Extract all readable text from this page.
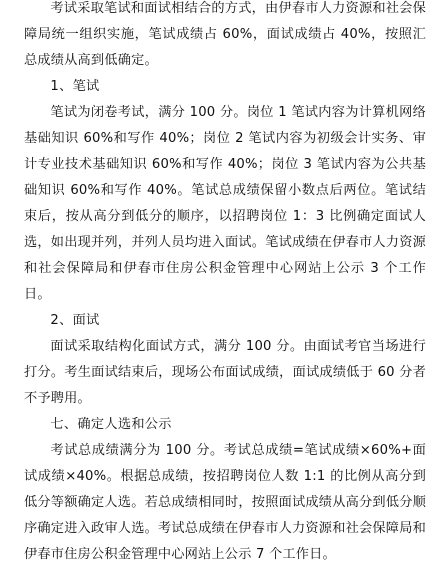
考试采取笔试和面试相结合的方式，由伊春市人力资源和社会保障局统一组织实施，笔试成绩占 60%，面试成绩占 40%，按照汇总成绩从高到低确定。

1、笔试

笔试为闭卷考试，满分 100 分。岗位 1 笔试内容为计算机网络基础知识 60%和写作 40%；岗位 2 笔试内容为初级会计实务、审计专业技术基础知识 60%和写作 40%；岗位 3 笔试内容为公共基础知识 60%和写作 40%。笔试总成绩保留小数点后两位。笔试结束后，按从高分到低分的顺序，以招聘岗位 1：3 比例确定面试人选，如出现并列，并列人员均进入面试。笔试成绩在伊春市人力资源和社会保障局和伊春市住房公积金管理中心网站上公示 3 个工作日。

2、面试

面试采取结构化面试方式，满分 100 分。由面试考官当场进行打分。考生面试结束后，现场公布面试成绩，面试成绩低于 60 分者不予聘用。

七、确定人选和公示

考试总成绩满分为 100 分。考试总成绩=笔试成绩×60%+面试成绩×40%。根据总成绩，按招聘岗位人数 1:1 的比例从高分到低分等额确定人选。若总成绩相同时，按照面试成绩从高分到低分顺序确定进入政审人选。考试总成绩在伊春市人力资源和社会保障局和伊春市住房公积金管理中心网站上公示 7 个工作日。
